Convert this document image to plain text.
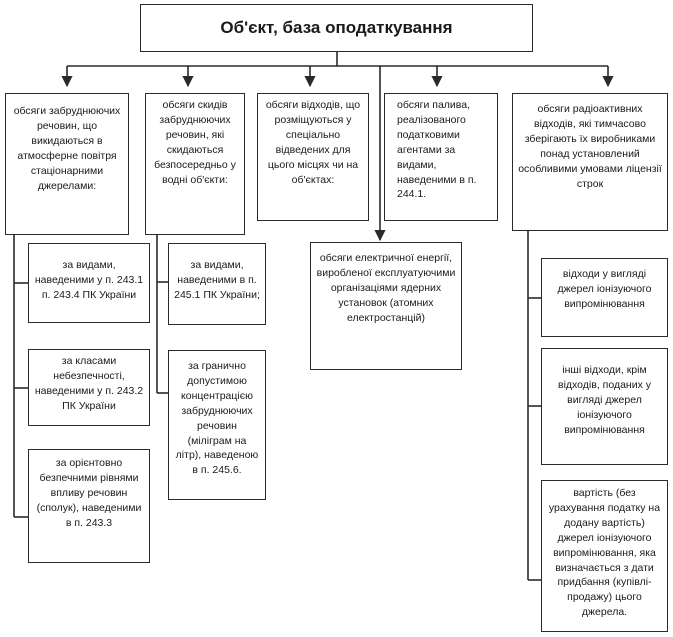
Об'єкт, база оподаткування
обсяги забруднюючих речовин, що викидаються в атмосферне повітря стаціонарними джерелами:
за видами, наведеними у п. 243.1 п. 243.4 ПК України
за класами небезпечності, наведеними у п. 243.2 ПК України
за орієнтовно безпечними рівнями впливу речовин (сполук), наведеними в п. 243.3
обсяги скидів забруднюючих речовин, які скидаються безпосередньо у водні об'єкти:
за видами, наведеними в п. 245.1 ПК України;
за гранично допустимою концентрацією забруднюючих речовин (міліграм на літр), наведеною в п. 245.6.
обсяги відходів, що розміщуються у спеціально відведених для цього місцях чи на об'єктах:
обсяги електричної енергії, виробленої експлуатуючими організаціями ядерних установок (атомних електростанцій)
обсяги палива, реалізованого податковими агентами за видами, наведеними в п. 244.1.
обсяги радіоактивних відходів, які тимчасово зберігають їх виробниками понад установлений особливими умовами ліцензії строк
відходи у вигляді джерел іонізуючого випромінювання
інші відходи, крім відходів, поданих у вигляді джерел іонізуючого випромінювання
вартість (без урахування податку на додану вартість) джерел іонізуючого випромінювання, яка визначається з дати придбання (купівлі-продажу) цього джерела.
